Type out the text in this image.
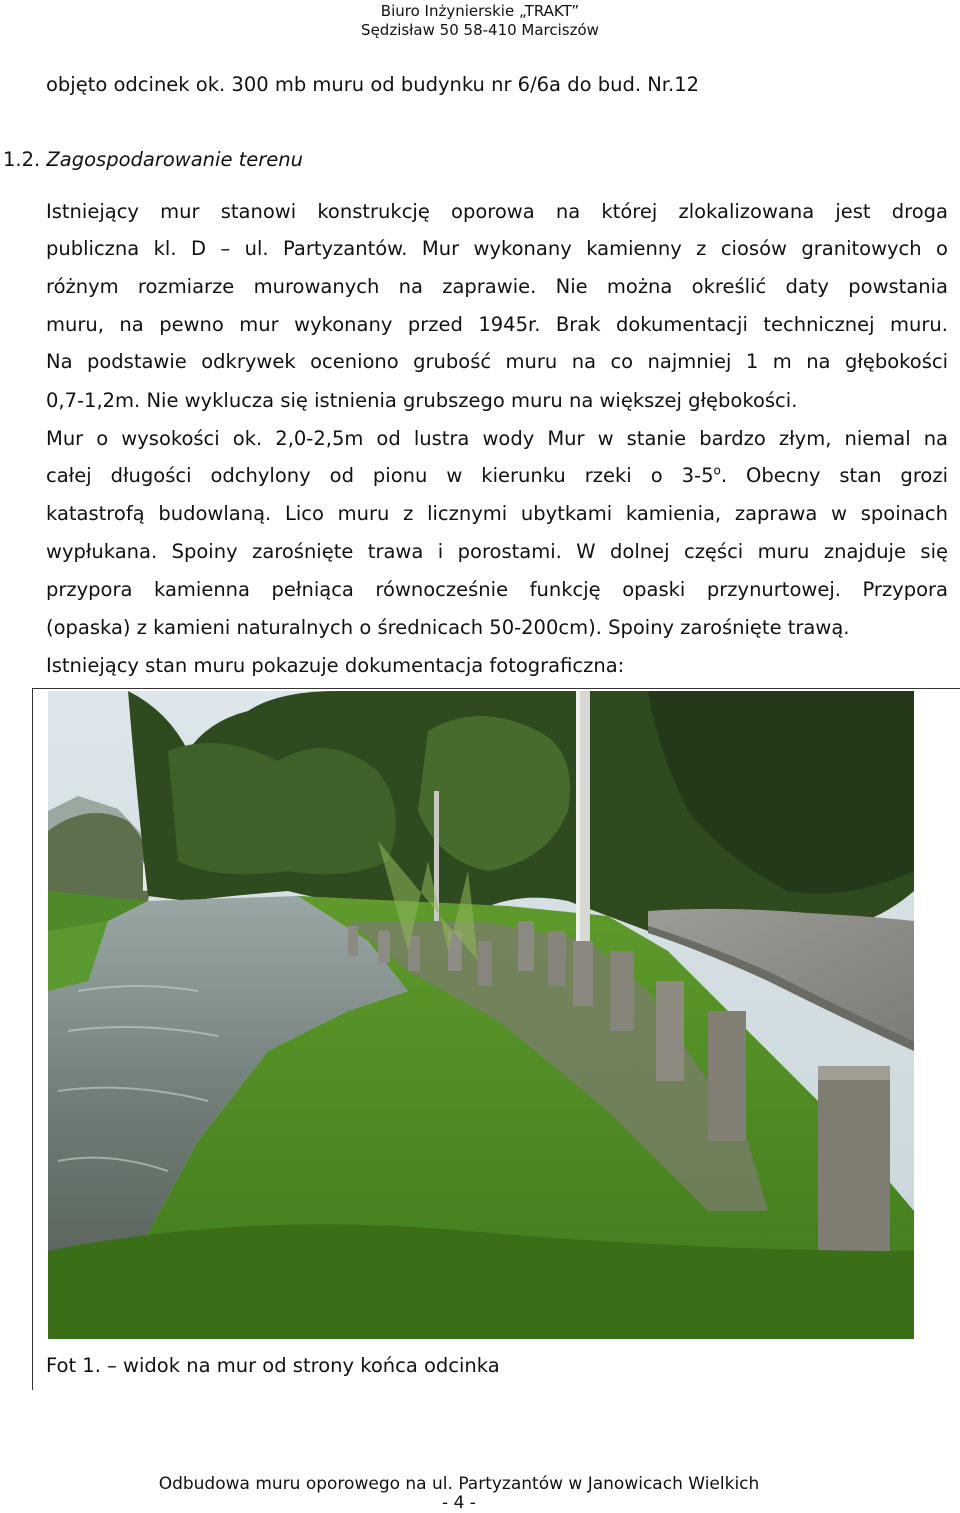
Biuro Inżynierskie „TRAKT”
Sędzisław 50 58-410 Marciszów
objęto odcinek ok. 300 mb muru od budynku nr 6/6a do bud. Nr.12
1.2. Zagospodarowanie terenu
Istniejący mur stanowi konstrukcję oporowa na której zlokalizowana jest droga
publiczna kl. D – ul. Partyzantów. Mur wykonany kamienny z ciosów granitowych o
różnym rozmiarze murowanych na zaprawie. Nie można określić daty powstania
muru, na pewno mur wykonany przed 1945r. Brak dokumentacji technicznej muru.
Na podstawie odkrywek oceniono grubość muru na co najmniej 1 m na głębokości
0,7-1,2m. Nie wyklucza się istnienia grubszego muru na większej głębokości.
Mur o wysokości ok. 2,0-2,5m od lustra wody Mur w stanie bardzo złym, niemal na
całej długości odchylony od pionu w kierunku rzeki o 3-5$^o$. Obecny stan grozi
katastrofą budowlaną. Lico muru z licznymi ubytkami kamienia, zaprawa w spoinach
wypłukana. Spoiny zarośnięte trawa i porostami. W dolnej części muru znajduje się
przypora kamienna pełniąca równocześnie funkcję opaski przynurtowej. Przypora
(opaska) z kamieni naturalnych o średnicach 50-200cm). Spoiny zarośnięte trawą.
Istniejący stan muru pokazuje dokumentacja fotograficzna:
Fot 1. – widok na mur od strony końca odcinka
Odbudowa muru oporowego na ul. Partyzantów w Janowicach Wielkich
- 4 -
